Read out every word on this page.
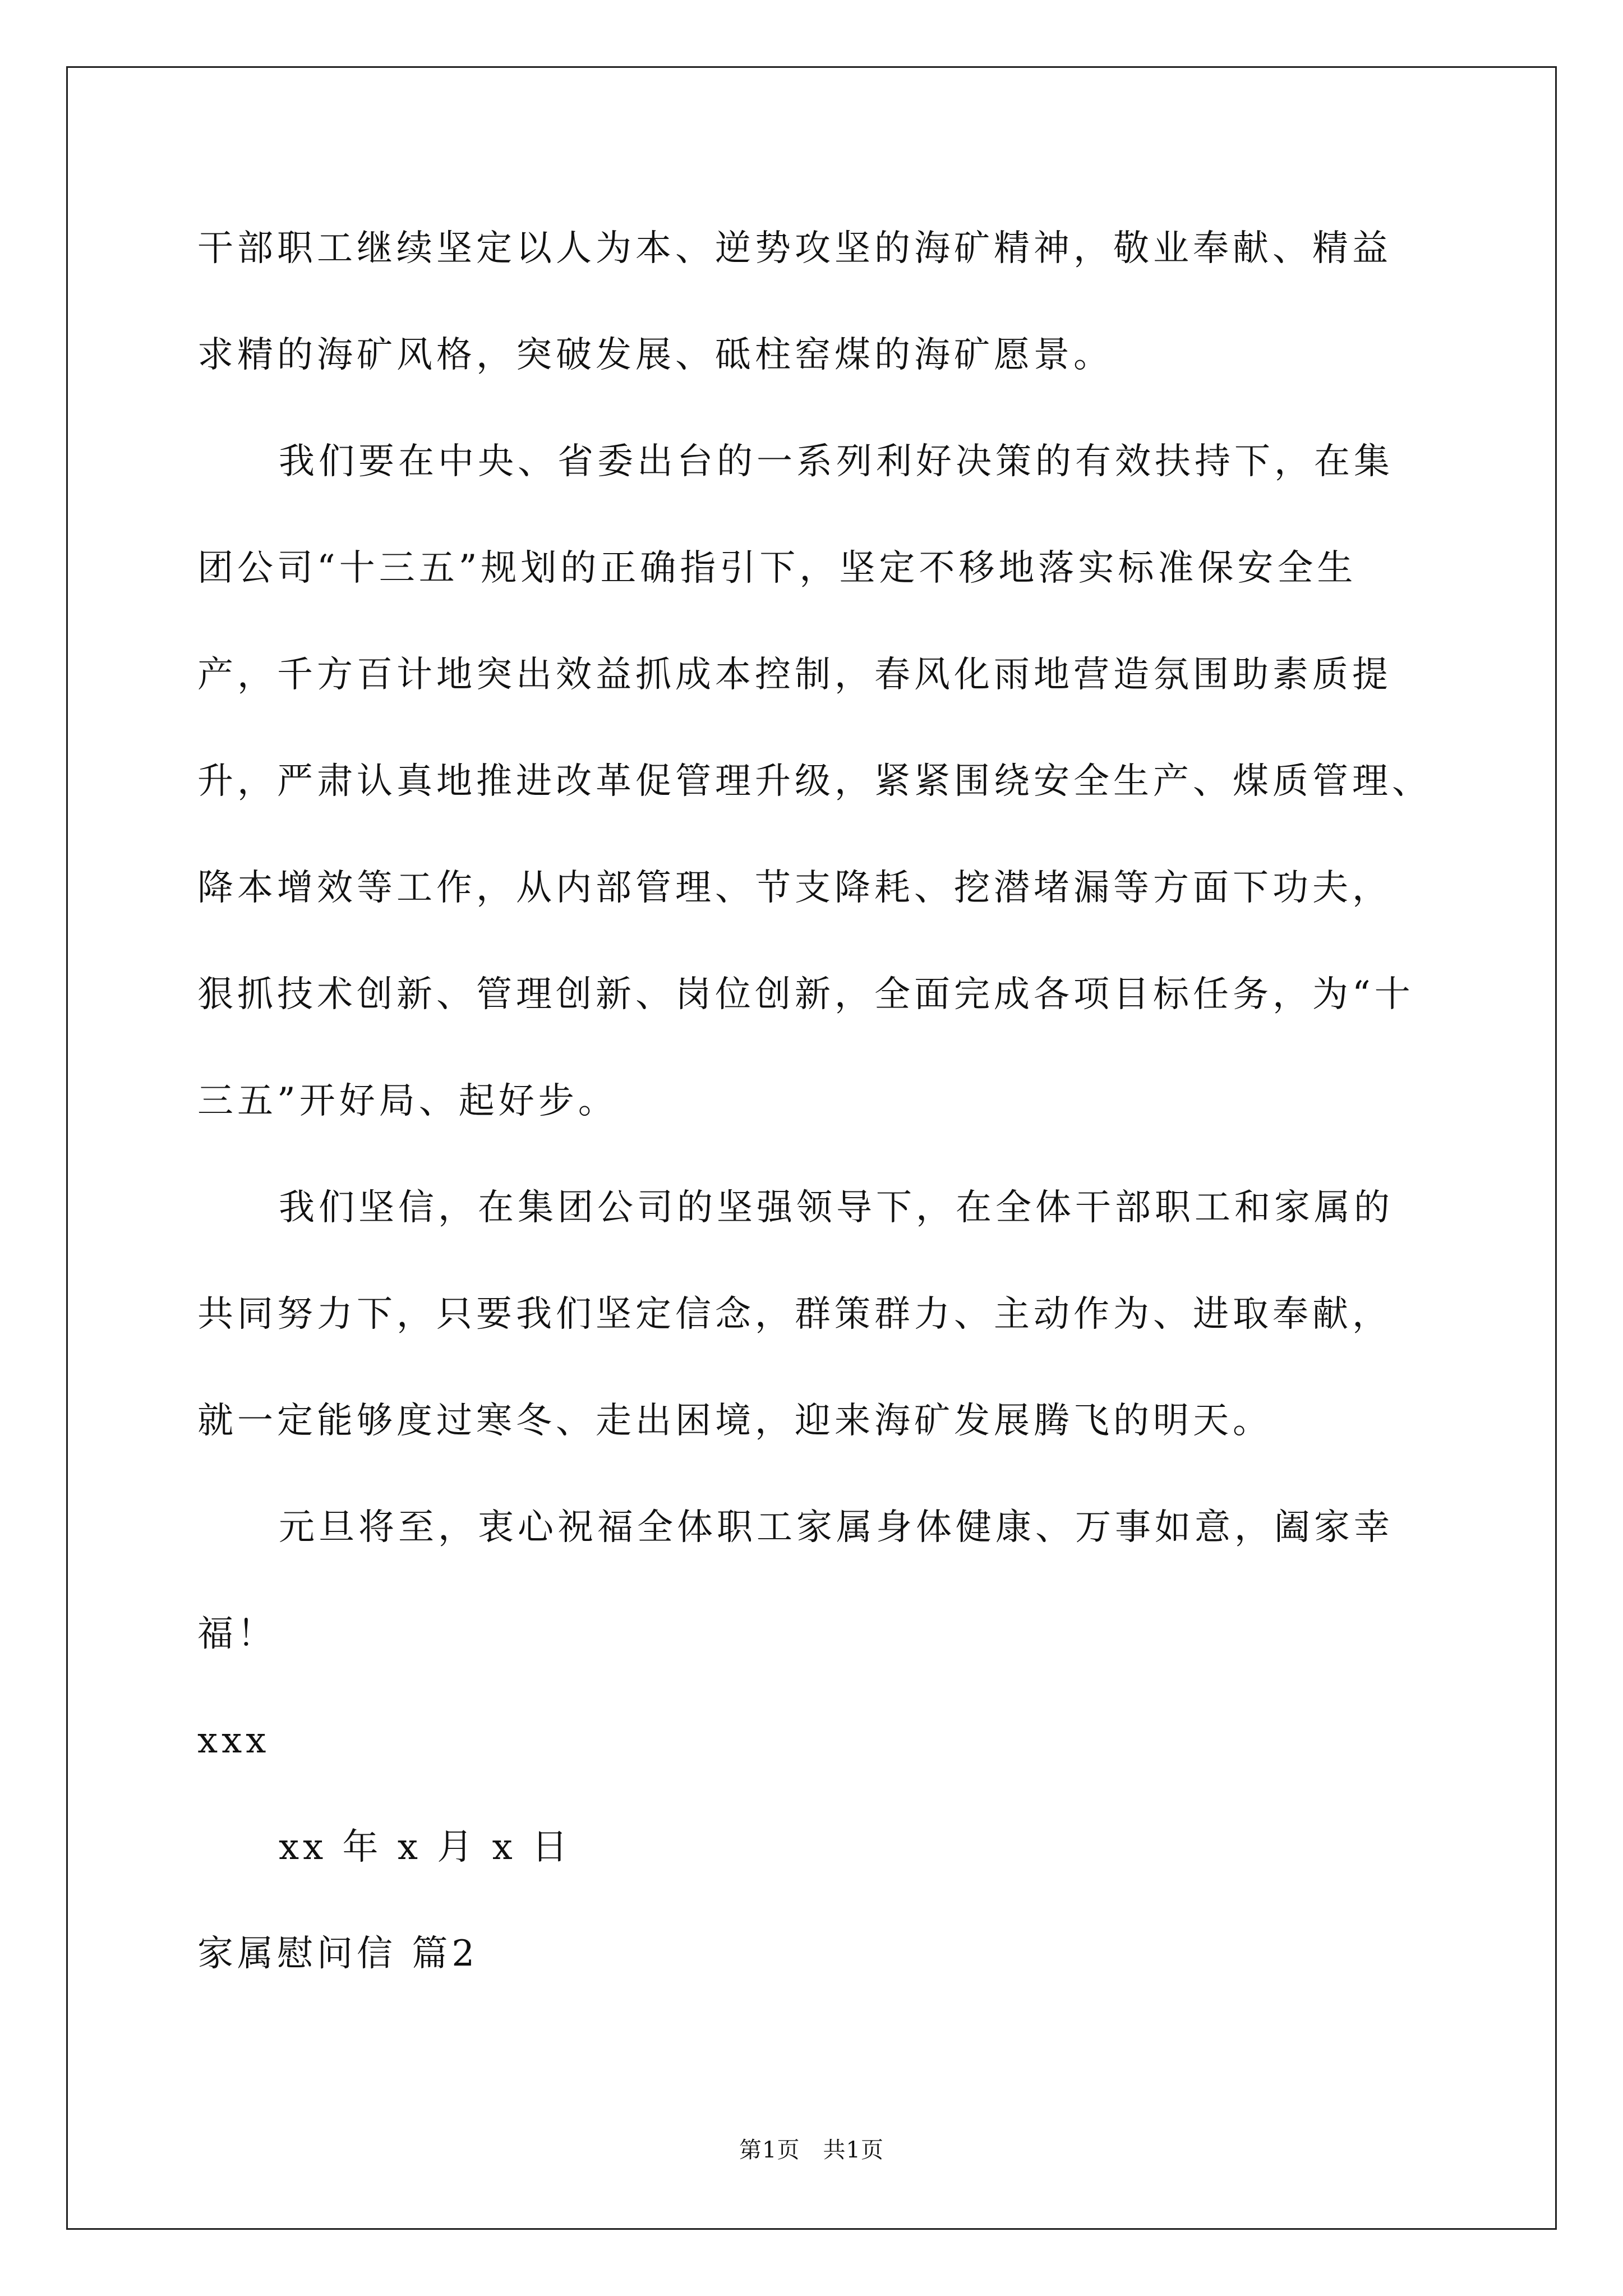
干部职工继续坚定以人为本、逆势攻坚的海矿精神，敬业奉献、精益
求精的海矿风格，突破发展、砥柱窑煤的海矿愿景。
我们要在中央、省委出台的一系列利好决策的有效扶持下，在集
团公司“十三五”规划的正确指引下，坚定不移地落实标准保安全生
产，千方百计地突出效益抓成本控制，春风化雨地营造氛围助素质提
升，严肃认真地推进改革促管理升级，紧紧围绕安全生产、煤质管理、
降本增效等工作，从内部管理、节支降耗、挖潜堵漏等方面下功夫，
狠抓技术创新、管理创新、岗位创新，全面完成各项目标任务，为“十
三五”开好局、起好步。
我们坚信，在集团公司的坚强领导下，在全体干部职工和家属的
共同努力下，只要我们坚定信念，群策群力、主动作为、进取奉献，
就一定能够度过寒冬、走出困境，迎来海矿发展腾飞的明天。
元旦将至，衷心祝福全体职工家属身体健康、万事如意，阖家幸
福！
xxx
xx 年 x 月 x 日
家属慰问信 篇2
第1页　共1页
